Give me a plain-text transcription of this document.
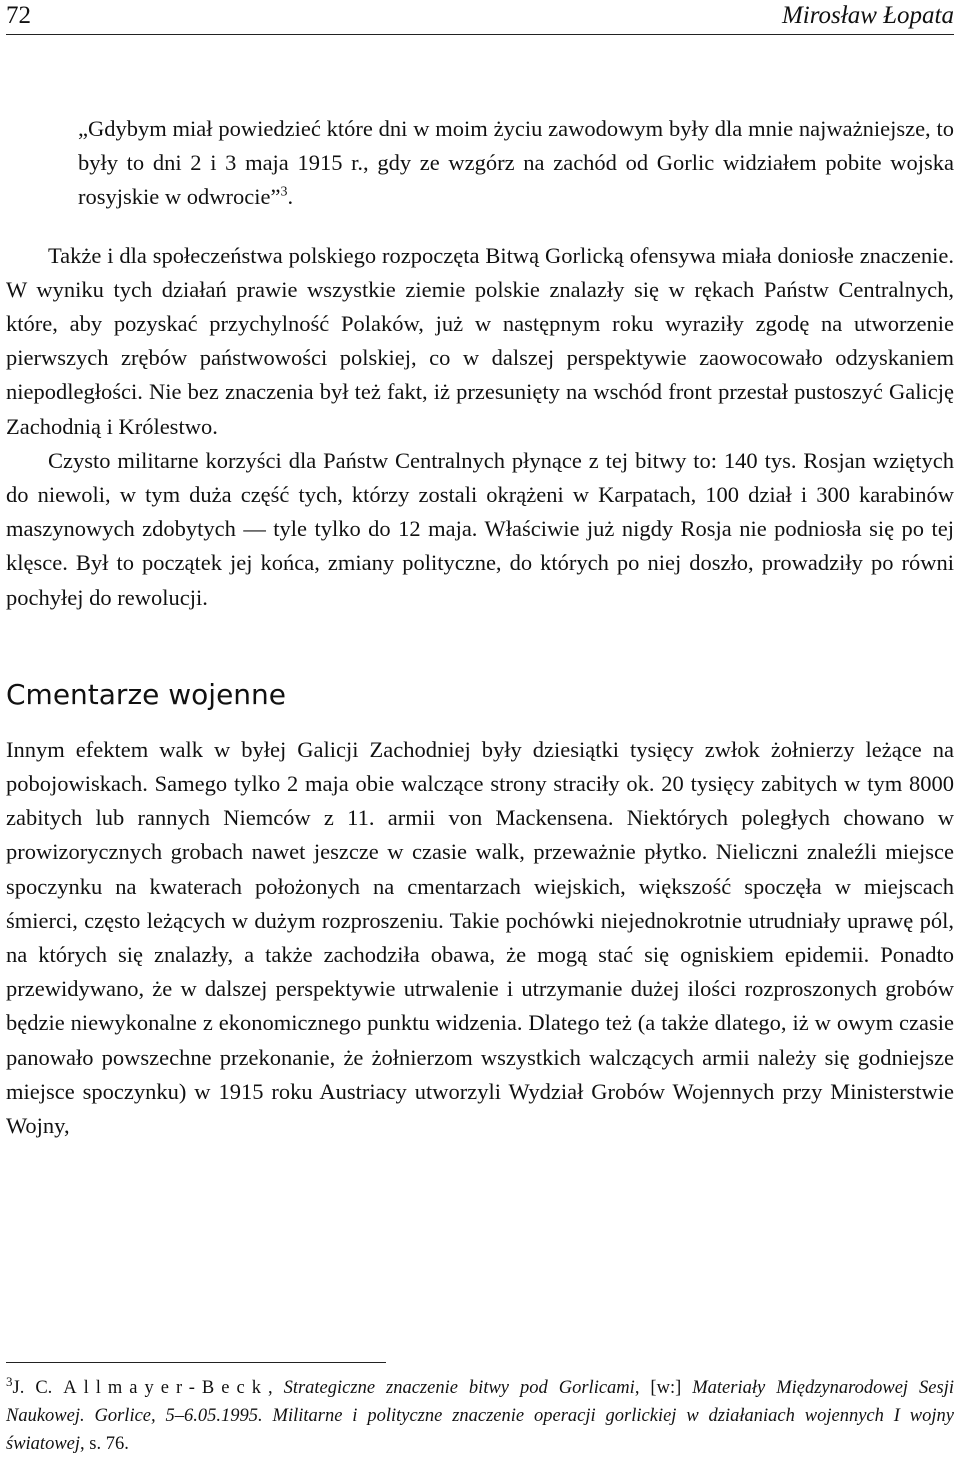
72	Mirosław Łopata

„Gdybym miał powiedzieć które dni w moim życiu zawodowym były dla mnie najważniejsze, to były to dni 2 i 3 maja 1915 r., gdy ze wzgórz na zachód od Gorlic widziałem pobite wojska rosyjskie w odwrocie”$^3$.

Także i dla społeczeństwa polskiego rozpoczęta Bitwą Gorlicką ofensywa miała doniosłe znaczenie. W wyniku tych działań prawie wszystkie ziemie polskie znalazły się w rękach Państw Centralnych, które, aby pozyskać przychylność Polaków, już w następnym roku wyraziły zgodę na utworzenie pierwszych zrębów państwowości polskiej, co w dalszej perspektywie zaowocowało odzyskaniem niepodległości. Nie bez znaczenia był też fakt, iż przesunięty na wschód front przestał pustoszyć Galicję Zachodnią i Królestwo.

Czysto militarne korzyści dla Państw Centralnych płynące z tej bitwy to: 140 tys. Rosjan wziętych do niewoli, w tym duża część tych, którzy zostali okrążeni w Karpatach, 100 dział i 300 karabinów maszynowych zdobytych — tyle tylko do 12 maja. Właściwie już nigdy Rosja nie podniosła się po tej klęsce. Był to początek jej końca, zmiany polityczne, do których po niej doszło, prowadziły po równi pochyłej do rewolucji.

Cmentarze wojenne

Innym efektem walk w byłej Galicji Zachodniej były dziesiątki tysięcy zwłok żołnierzy leżące na pobojowiskach. Samego tylko 2 maja obie walczące strony straciły ok. 20 tysięcy zabitych w tym 8000 zabitych lub rannych Niemców z 11. armii von Mackensena. Niektórych poległych chowano w prowizorycznych grobach nawet jeszcze w czasie walk, przeważnie płytko. Nieliczni znaleźli miejsce spoczynku na kwaterach położonych na cmentarzach wiejskich, większość spoczęła w miejscach śmierci, często leżących w dużym rozproszeniu. Takie pochówki niejednokrotnie utrudniały uprawę pól, na których się znalazły, a także zachodziła obawa, że mogą stać się ogniskiem epidemii. Ponadto przewidywano, że w dalszej perspektywie utrwalenie i utrzymanie dużej ilości rozproszonych grobów będzie niewykonalne z ekonomicznego punktu widzenia. Dlatego też (a także dlatego, iż w owym czasie panowało powszechne przekonanie, że żołnierzom wszystkich walczących armii należy się godniejsze miejsce spoczynku) w 1915 roku Austriacy utworzyli Wydział Grobów Wojennych przy Ministerstwie Wojny,

$^3$J. C. Allmayer-Beck, Strategiczne znaczenie bitwy pod Gorlicami, [w:] Materiały Międzynarodowej Sesji Naukowej. Gorlice, 5–6.05.1995. Militarne i polityczne znaczenie operacji gorlickiej w działaniach wojennych I wojny światowej, s. 76.
